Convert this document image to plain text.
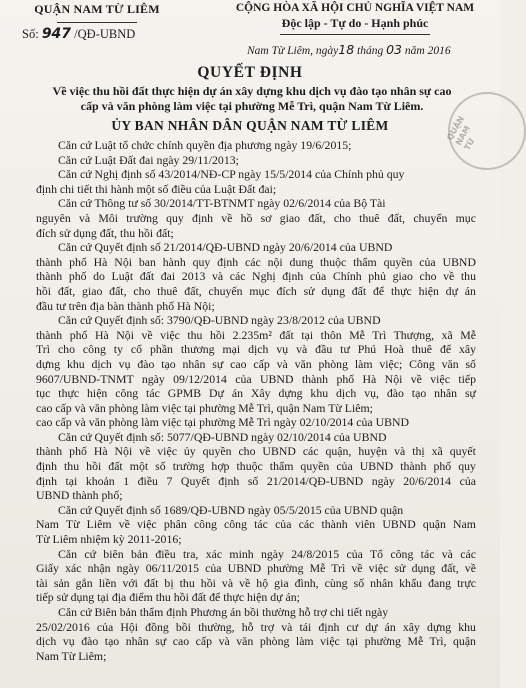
QUẬN NAM TỪ LIÊM
Số: 947 /QĐ-UBND
CỘNG HÒA XÃ HỘI CHỦ NGHĨA VIỆT NAM
Độc lập - Tự do - Hạnh phúc
Nam Từ Liêm, ngày18 tháng 03 năm 2016
QUYẾT ĐỊNH
Về việc thu hồi đất thực hiện dự án xây dựng khu dịch vụ đào tạo nhân sự cao
cấp và văn phòng làm việc tại phường Mễ Trì, quận Nam Từ Liêm.
ỦY BAN NHÂN DÂN QUẬN NAM TỪ LIÊM	QUẬN NAM TỪ
Căn cứ Luật tổ chức chính quyền địa phương ngày 19/6/2015;
Căn cứ Luật Đất đai ngày 29/11/2013;
Căn cứ Nghị định số 43/2014/NĐ-CP ngày 15/5/2014 của Chính phủ quy
định chi tiết thi hành một số điều của Luật Đất đai;
Căn cứ Thông tư số 30/2014/TT-BTNMT ngày 02/6/2014 của Bộ Tài
nguyên và Môi trường quy định về hồ sơ giao đất, cho thuê đất, chuyển mục
đích sử dụng đất, thu hồi đất;
Căn cứ Quyết định số 21/2014/QĐ-UBND ngày 20/6/2014 của UBND
thành phố Hà Nội ban hành quy định các nội dung thuộc thẩm quyền của UBND
thành phố do Luật đất đai 2013 và các Nghị định của Chính phủ giao cho về thu
hồi đất, giao đất, cho thuê đất, chuyển mục đích sử dụng đất để thực hiện dự án
đầu tư trên địa bàn thành phố Hà Nội;
Căn cứ Quyết định số: 3790/QĐ-UBND ngày 23/8/2012 của UBND
thành phố Hà Nội về việc thu hồi 2.235m² đất tại thôn Mễ Trì Thượng, xã Mễ
Trì cho công ty cổ phần thương mại dịch vụ và đầu tư Phú Hoà thuê để xây
dựng khu dịch vụ đào tạo nhân sự cao cấp và văn phòng làm việc; Công văn số
9607/UBND-TNMT ngày 09/12/2014 của UBND thành phố Hà Nội về việc tiếp
tục thực hiện công tác GPMB Dự án Xây dựng khu dịch vụ, đào tạo nhân sự
cao cấp và văn phòng làm việc tại phường Mễ Trì, quận Nam Từ Liêm;
cao cấp và văn phòng làm việc tại phường Mễ Trì ngày 02/10/2014 của UBND
Căn cứ Quyết định số: 5077/QĐ-UBND ngày 02/10/2014 của UBND
thành phố Hà Nội về việc ủy quyền cho UBND các quận, huyện và thị xã quyết
định thu hồi đất một số trường hợp thuộc thẩm quyền của UBND thành phố quy
định tại khoản 1 điều 7 Quyết định số 21/2014/QĐ-UBND ngày 20/6/2014 của
UBND thành phố;
Căn cứ Quyết định số 1689/QĐ-UBND ngày 05/5/2015 của UBND quận
Nam Từ Liêm về việc phân công công tác của các thành viên UBND quận Nam
Từ Liêm nhiệm kỳ 2011-2016;
Căn cứ biên bản điều tra, xác minh ngày 24/8/2015 của Tổ công tác và các
Giấy xác nhận ngày 06/11/2015 của UBND phường Mễ Trì về việc sử dụng đất, về
tài sản gắn liền với đất bị thu hồi và về hộ gia đình, cùng số nhân khẩu đang trực
tiếp sử dụng tại địa điểm thu hồi đất để thực hiện dự án;
Căn cứ Biên bản thẩm định Phương án bồi thường hỗ trợ chi tiết ngày
25/02/2016 của Hội đồng bồi thường, hỗ trợ và tái định cư dự án xây dựng khu
dịch vụ đào tạo nhân sự cao cấp và văn phòng làm việc tại phường Mễ Trì, quận
Nam Từ Liêm;
